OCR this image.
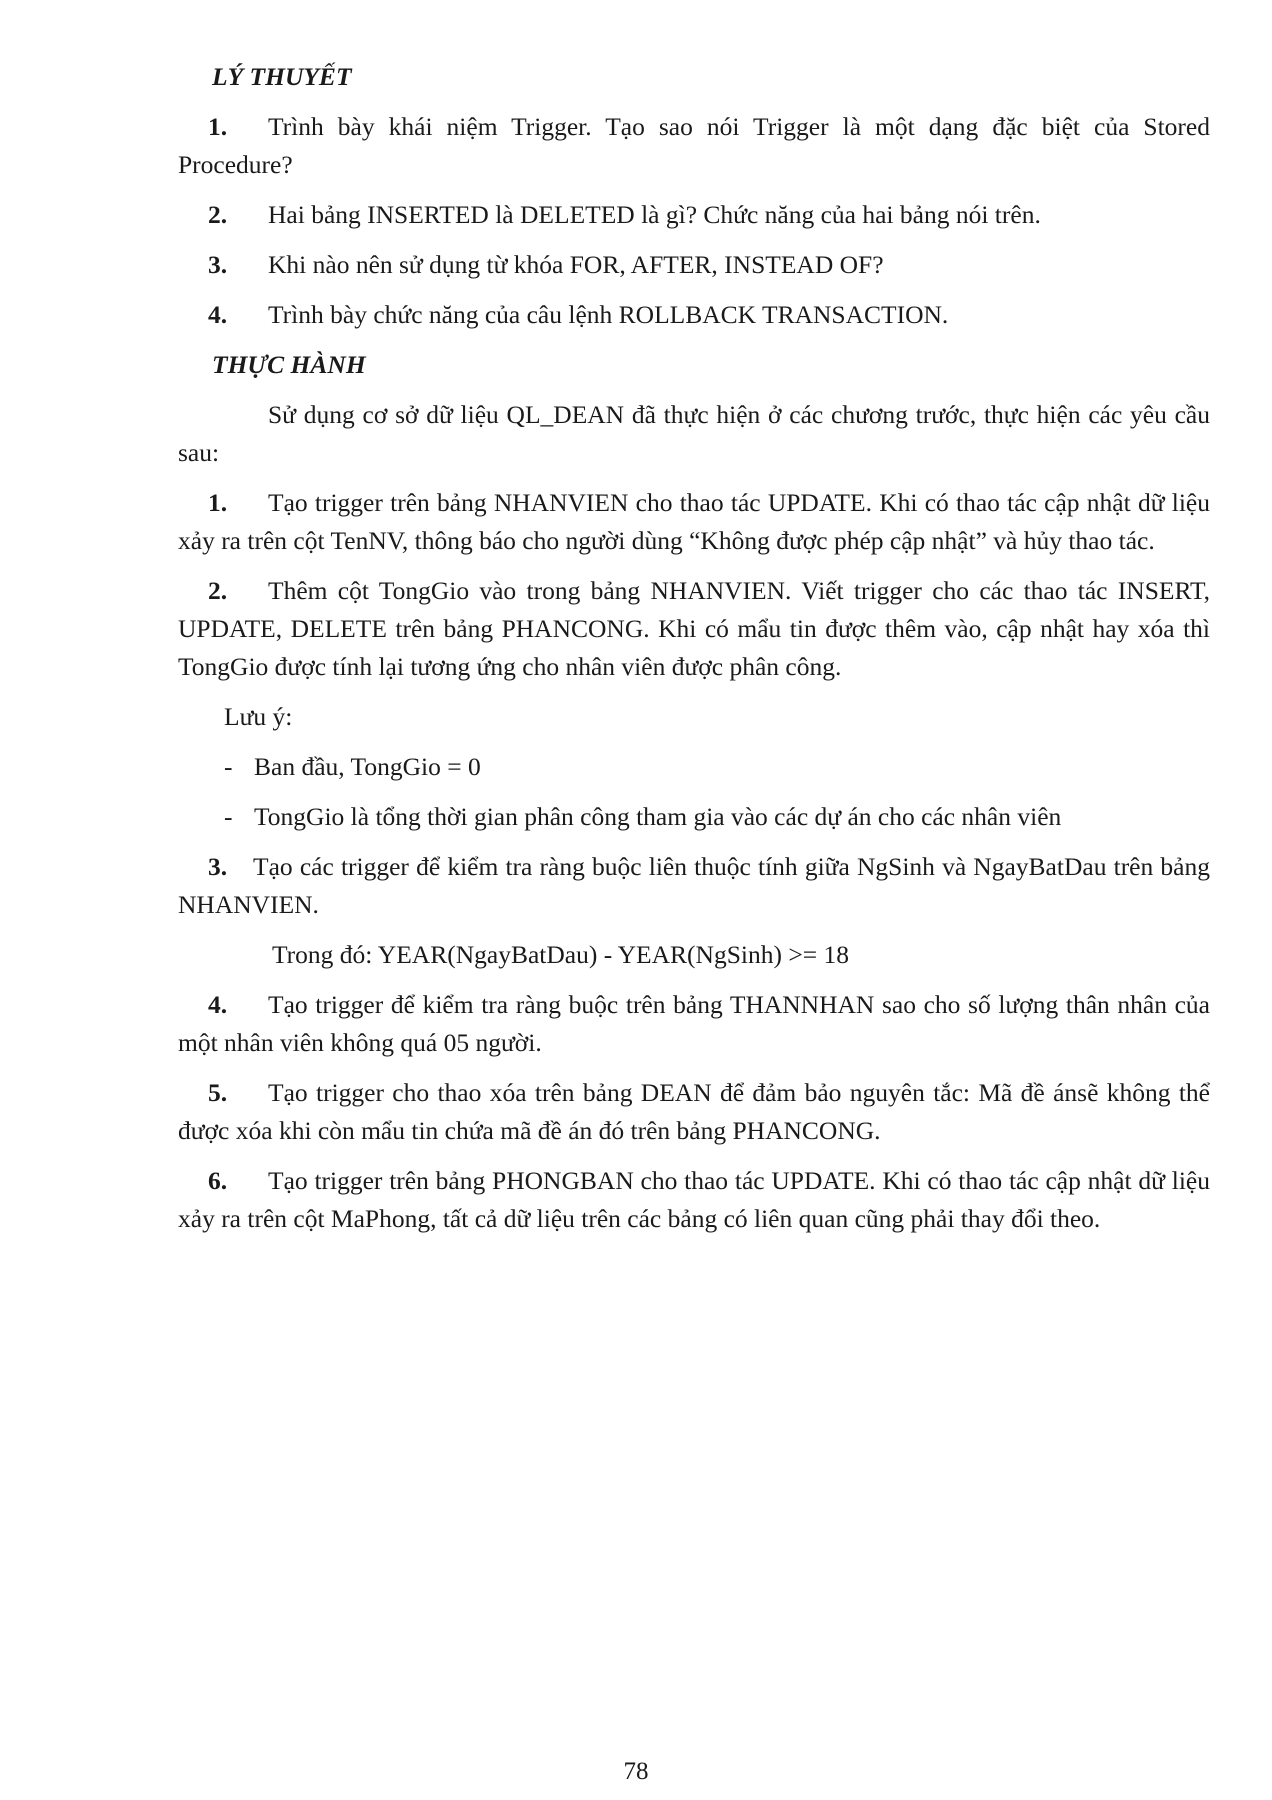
LÝ THUYẾT

1. Trình bày khái niệm Trigger. Tạo sao nói Trigger là một dạng đặc biệt của Stored Procedure?

2. Hai bảng INSERTED là DELETED là gì? Chức năng của hai bảng nói trên.

3. Khi nào nên sử dụng từ khóa FOR, AFTER, INSTEAD OF?

4. Trình bày chức năng của câu lệnh ROLLBACK TRANSACTION.

THỰC HÀNH

Sử dụng cơ sở dữ liệu QL_DEAN đã thực hiện ở các chương trước, thực hiện các yêu cầu sau:

1. Tạo trigger trên bảng NHANVIEN cho thao tác UPDATE. Khi có thao tác cập nhật dữ liệu xảy ra trên cột TenNV, thông báo cho người dùng “Không được phép cập nhật” và hủy thao tác.

2. Thêm cột TongGio vào trong bảng NHANVIEN. Viết trigger cho các thao tác INSERT, UPDATE, DELETE trên bảng PHANCONG. Khi có mẩu tin được thêm vào, cập nhật hay xóa thì TongGio được tính lại tương ứng cho nhân viên được phân công.

Lưu ý:

- Ban đầu, TongGio = 0

- TongGio là tổng thời gian phân công tham gia vào các dự án cho các nhân viên

3. Tạo các trigger để kiểm tra ràng buộc liên thuộc tính giữa NgSinh và NgayBatDau trên bảng NHANVIEN.

Trong đó: YEAR(NgayBatDau) - YEAR(NgSinh) >= 18

4. Tạo trigger để kiểm tra ràng buộc trên bảng THANNHAN sao cho số lượng thân nhân của một nhân viên không quá 05 người.

5. Tạo trigger cho thao xóa trên bảng DEAN để đảm bảo nguyên tắc: Mã đề ánsẽ không thể được xóa khi còn mẩu tin chứa mã đề án đó trên bảng PHANCONG.

6. Tạo trigger trên bảng PHONGBAN cho thao tác UPDATE. Khi có thao tác cập nhật dữ liệu xảy ra trên cột MaPhong, tất cả dữ liệu trên các bảng có liên quan cũng phải thay đổi theo.

78
